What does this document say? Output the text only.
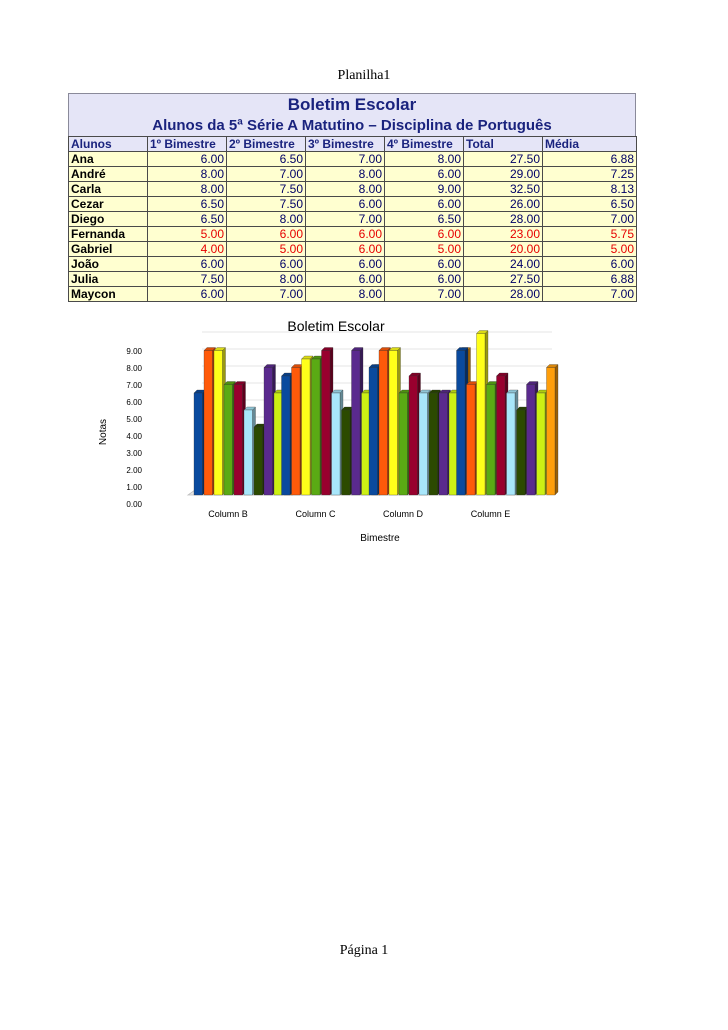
Planilha1
Boletim Escolar
Alunos da 5ª Série A Matutino – Disciplina de Português
Alunos	1º Bimestre	2º Bimestre	3º Bimestre	4º Bimestre	Total	Média
Ana	6.00	6.50	7.00	8.00	27.50	6.88
André	8.00	7.00	8.00	6.00	29.00	7.25
Carla	8.00	7.50	8.00	9.00	32.50	8.13
Cezar	6.50	7.50	6.00	6.00	26.00	6.50
Diego	6.50	8.00	7.00	6.50	28.00	7.00
Fernanda	5.00	6.00	6.00	6.00	23.00	5.75
Gabriel	4.00	5.00	6.00	5.00	20.00	5.00
João	6.00	6.00	6.00	6.00	24.00	6.00
Julia	7.50	8.00	6.00	6.00	27.50	6.88
Maycon	6.00	7.00	8.00	7.00	28.00	7.00
Boletim Escolar
Notas
Bimestre
0.00
1.00
2.00
3.00
4.00
5.00
6.00
7.00
8.00
9.00
Column B	Column C	Column D	Column E
Página 1
